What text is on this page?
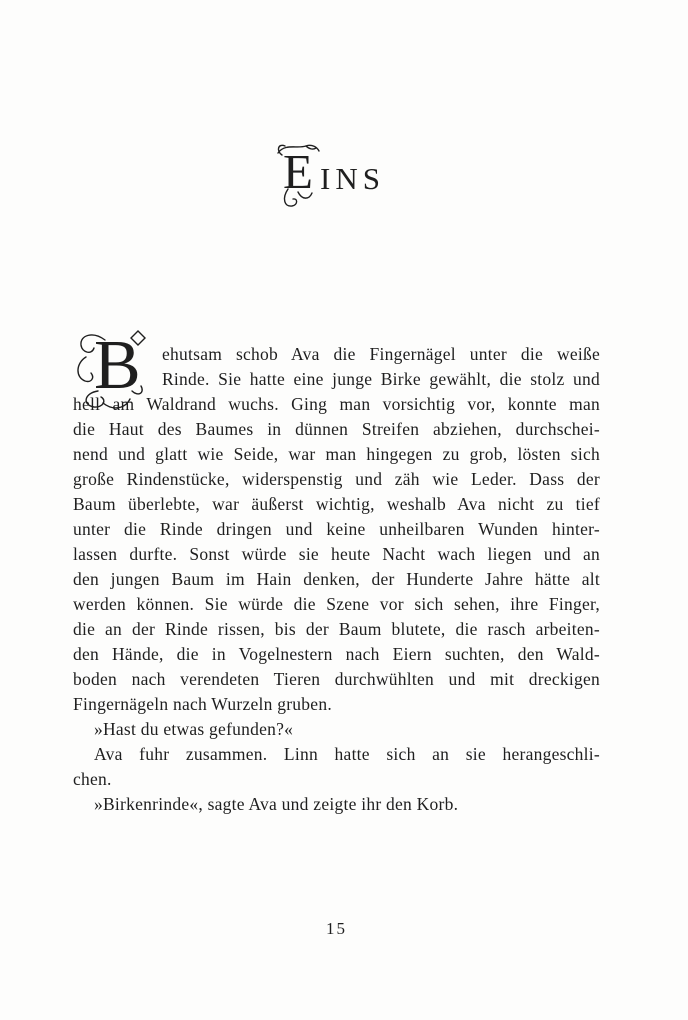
E INS
B	ehutsam schob Ava die Fingernägel unter die weiße
Rinde. Sie hatte eine junge Birke gewählt, die stolz und
hell am Waldrand wuchs. Ging man vorsichtig vor, konnte man
die Haut des Baumes in dünnen Streifen abziehen, durchschei-
nend und glatt wie Seide, war man hingegen zu grob, lösten sich
große Rindenstücke, widerspenstig und zäh wie Leder. Dass der
Baum überlebte, war äußerst wichtig, weshalb Ava nicht zu tief
unter die Rinde dringen und keine unheilbaren Wunden hinter-
lassen durfte. Sonst würde sie heute Nacht wach liegen und an
den jungen Baum im Hain denken, der Hunderte Jahre hätte alt
werden können. Sie würde die Szene vor sich sehen, ihre Finger,
die an der Rinde rissen, bis der Baum blutete, die rasch arbeiten-
den Hände, die in Vogelnestern nach Eiern suchten, den Wald-
boden nach verendeten Tieren durchwühlten und mit dreckigen
Fingernägeln nach Wurzeln gruben.
»Hast du etwas gefunden?«
Ava fuhr zusammen. Linn hatte sich an sie herangeschli-
chen.
»Birkenrinde«, sagte Ava und zeigte ihr den Korb.
15
